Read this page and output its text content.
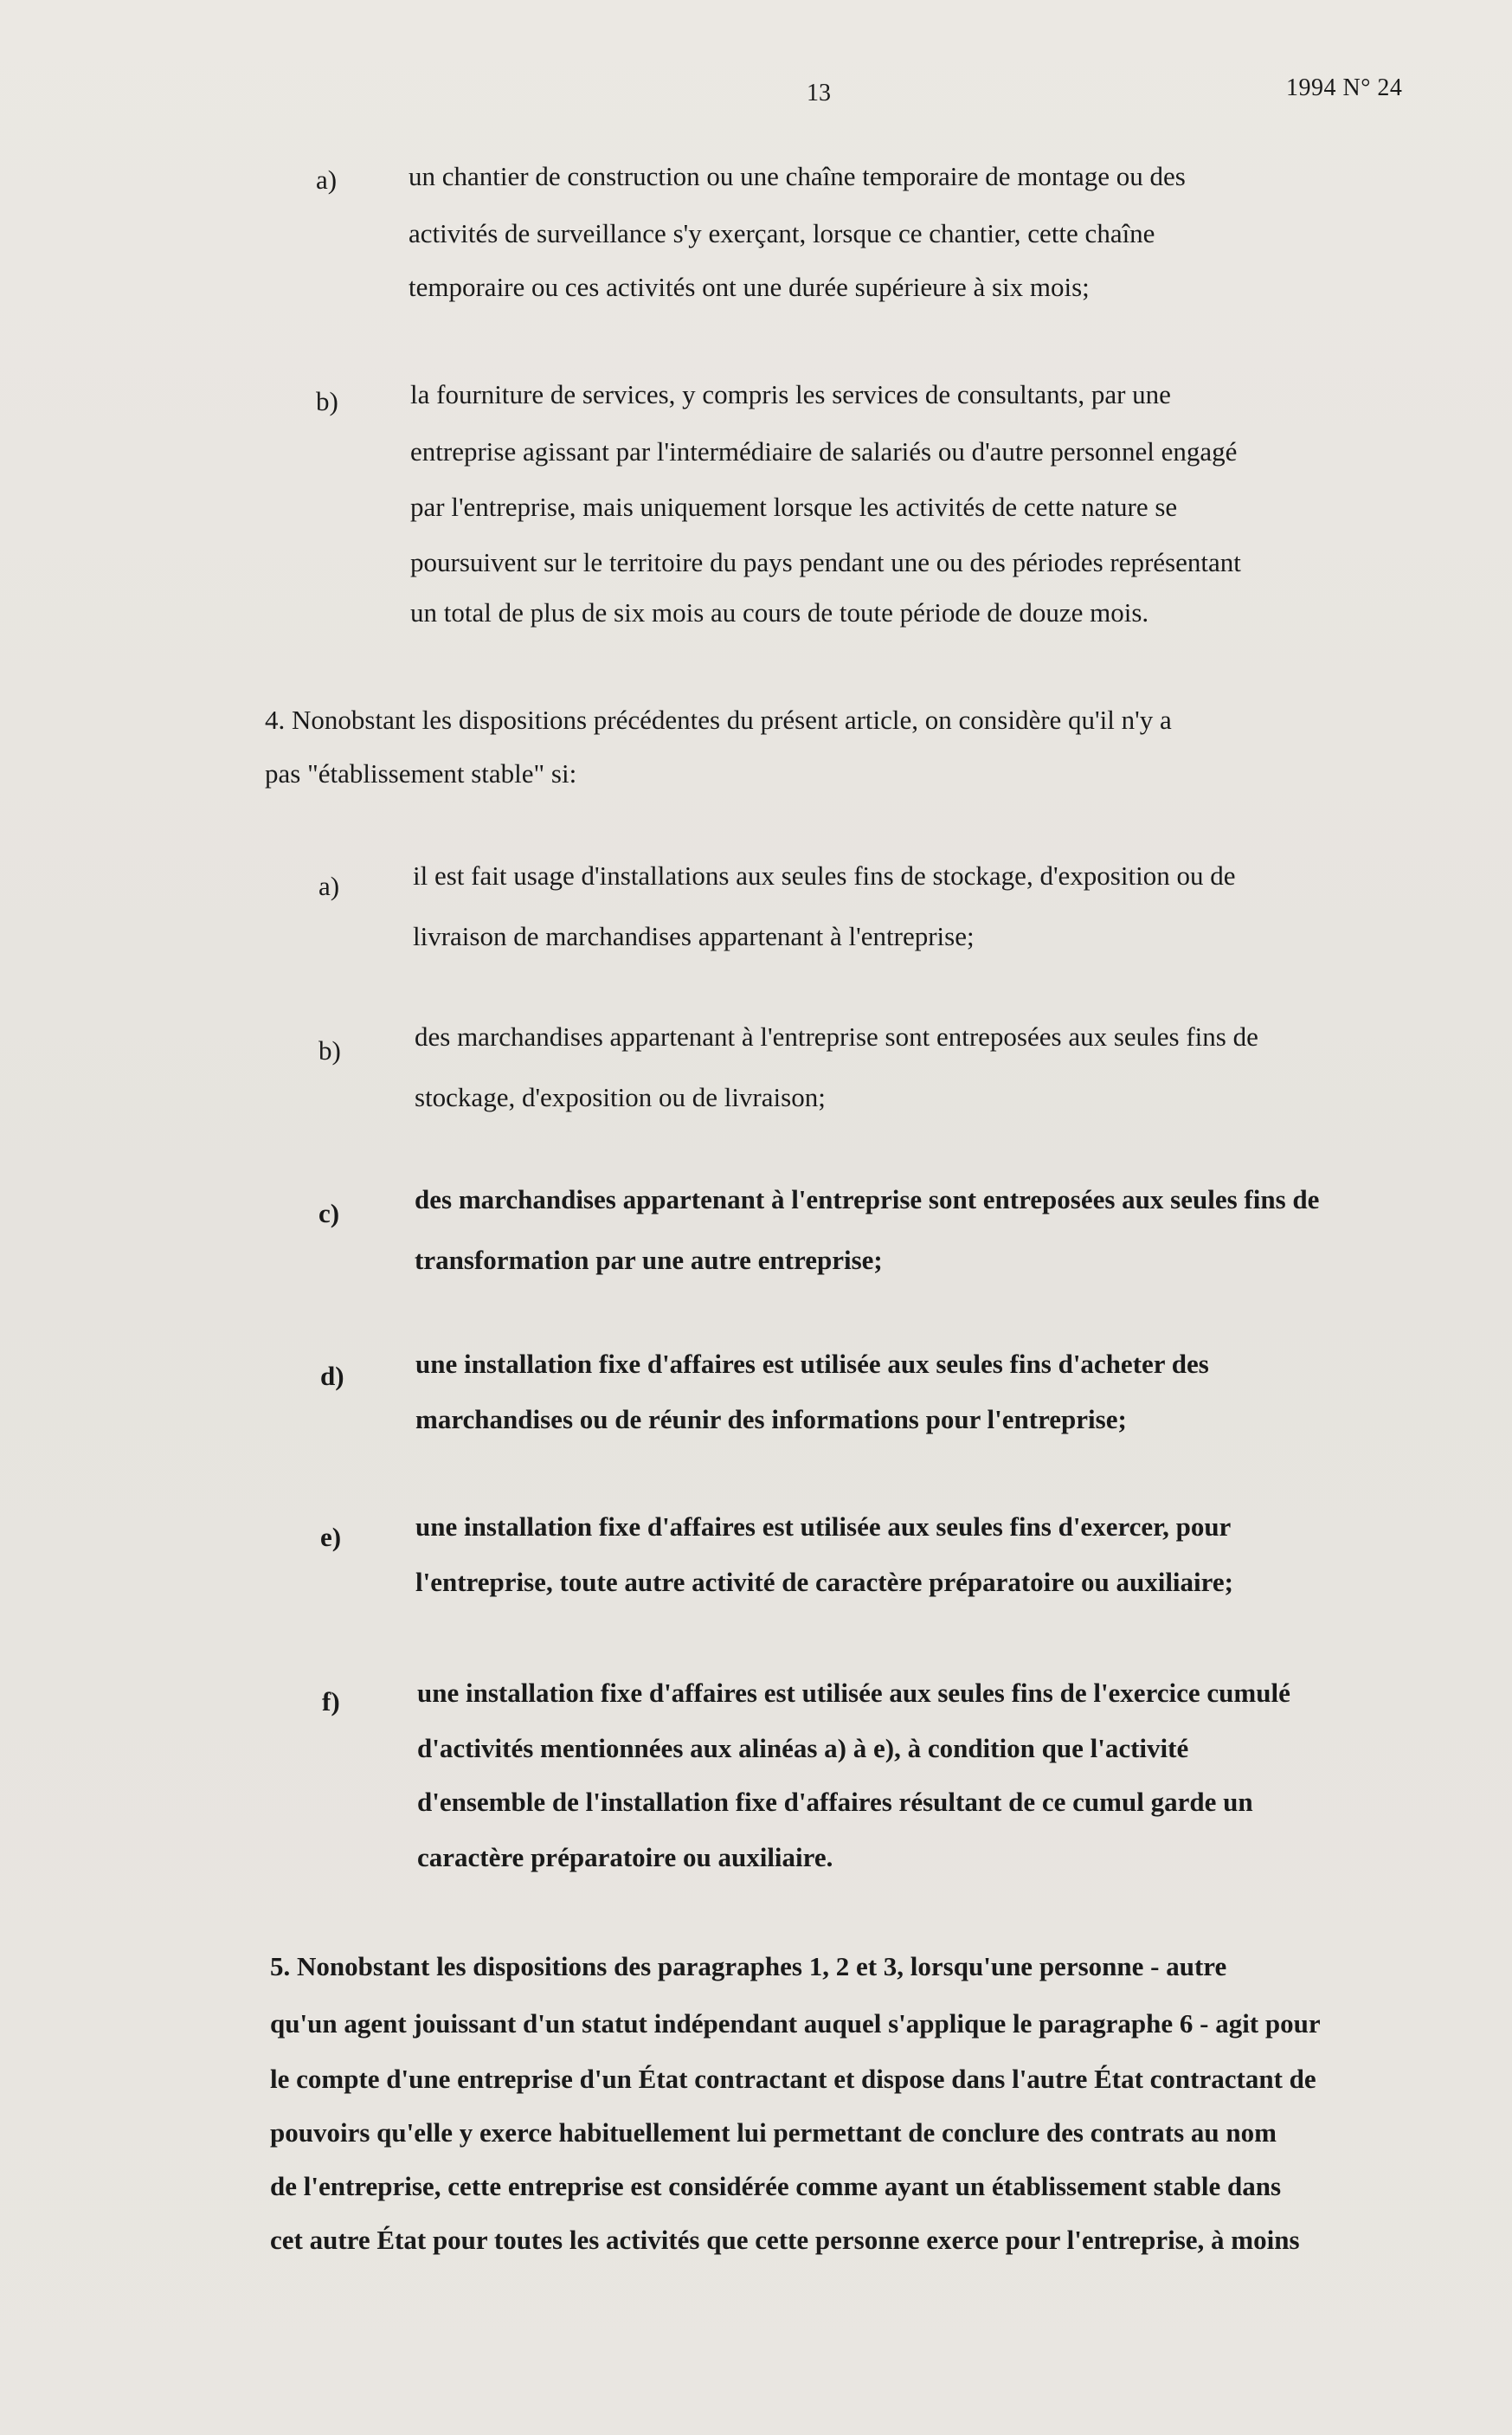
13	1994 N° 24
a)	un chantier de construction ou une chaîne temporaire de montage ou des
activités de surveillance s'y exerçant, lorsque ce chantier, cette chaîne
temporaire ou ces activités ont une durée supérieure à six mois;
b)	la fourniture de services, y compris les services de consultants, par une
entreprise agissant par l'intermédiaire de salariés ou d'autre personnel engagé
par l'entreprise, mais uniquement lorsque les activités de cette nature se
poursuivent sur le territoire du pays pendant une ou des périodes représentant
un total de plus de six mois au cours de toute période de douze mois.
4. Nonobstant les dispositions précédentes du présent article, on considère qu'il n'y a
pas "établissement stable" si:
a)	il est fait usage d'installations aux seules fins de stockage, d'exposition ou de
livraison de marchandises appartenant à l'entreprise;
b)	des marchandises appartenant à l'entreprise sont entreposées aux seules fins de
stockage, d'exposition ou de livraison;
c)	des marchandises appartenant à l'entreprise sont entreposées aux seules fins de
transformation par une autre entreprise;
d)	une installation fixe d'affaires est utilisée aux seules fins d'acheter des
marchandises ou de réunir des informations pour l'entreprise;
e)	une installation fixe d'affaires est utilisée aux seules fins d'exercer, pour
l'entreprise, toute autre activité de caractère préparatoire ou auxiliaire;
f)	une installation fixe d'affaires est utilisée aux seules fins de l'exercice cumulé
d'activités mentionnées aux alinéas a) à e), à condition que l'activité
d'ensemble de l'installation fixe d'affaires résultant de ce cumul garde un
caractère préparatoire ou auxiliaire.
5. Nonobstant les dispositions des paragraphes 1, 2 et 3, lorsqu'une personne - autre
qu'un agent jouissant d'un statut indépendant auquel s'applique le paragraphe 6 - agit pour
le compte d'une entreprise d'un État contractant et dispose dans l'autre État contractant de
pouvoirs qu'elle y exerce habituellement lui permettant de conclure des contrats au nom
de l'entreprise, cette entreprise est considérée comme ayant un établissement stable dans
cet autre État pour toutes les activités que cette personne exerce pour l'entreprise, à moins
